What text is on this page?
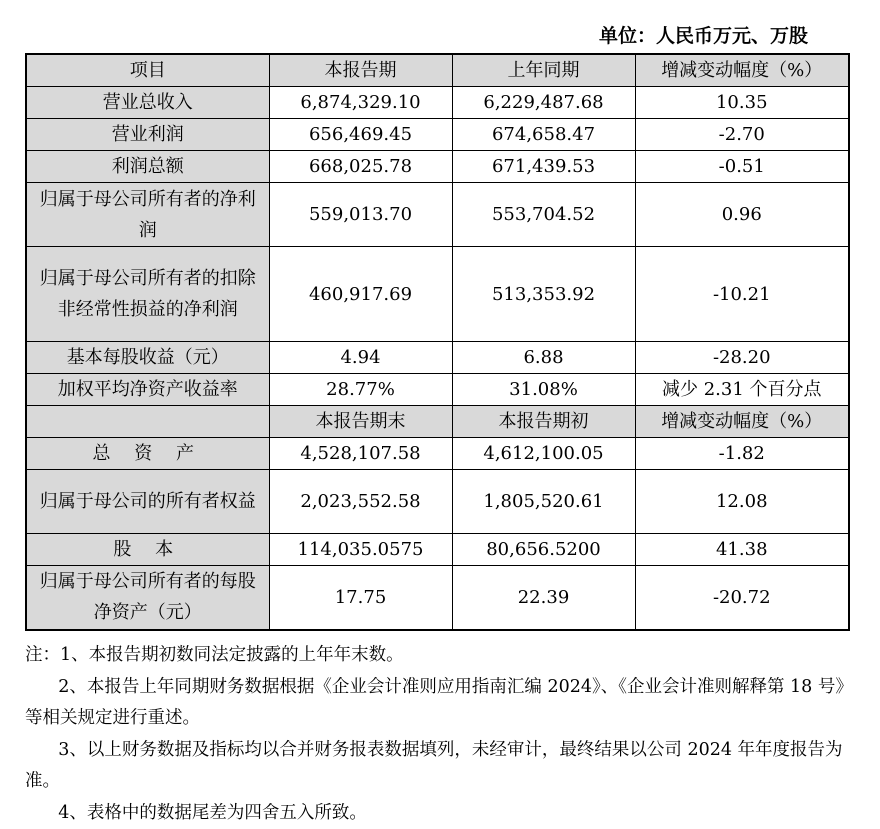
单位：人民币万元、万股
项目	本报告期	上年同期	增减变动幅度（%）
营业总收入	6,874,329.10	6,229,487.68	10.35
营业利润	656,469.45	674,658.47	-2.70
利润总额	668,025.78	671,439.53	-0.51
归属于母公司所有者的净利润	559,013.70	553,704.52	0.96
归属于母公司所有者的扣除非经常性损益的净利润	460,917.69	513,353.92	-10.21
基本每股收益（元）	4.94	6.88	-28.20
加权平均净资产收益率	28.77%	31.08%	减少 2.31 个百分点
	本报告期末	本报告期初	增减变动幅度（%）
总 资 产	4,528,107.58	4,612,100.05	-1.82
归属于母公司的所有者权益	2,023,552.58	1,805,520.61	12.08
股 本	114,035.0575	80,656.5200	41.38
归属于母公司所有者的每股净资产（元）	17.75	22.39	-20.72

注：1、本报告期初数同法定披露的上年年末数。

2、本报告上年同期财务数据根据《企业会计准则应用指南汇编 2024》、《企业会计准则解释第 18 号》等相关规定进行重述。

3、以上财务数据及指标均以合并财务报表数据填列，未经审计，最终结果以公司 2024 年年度报告为准。

4、表格中的数据尾差为四舍五入所致。
